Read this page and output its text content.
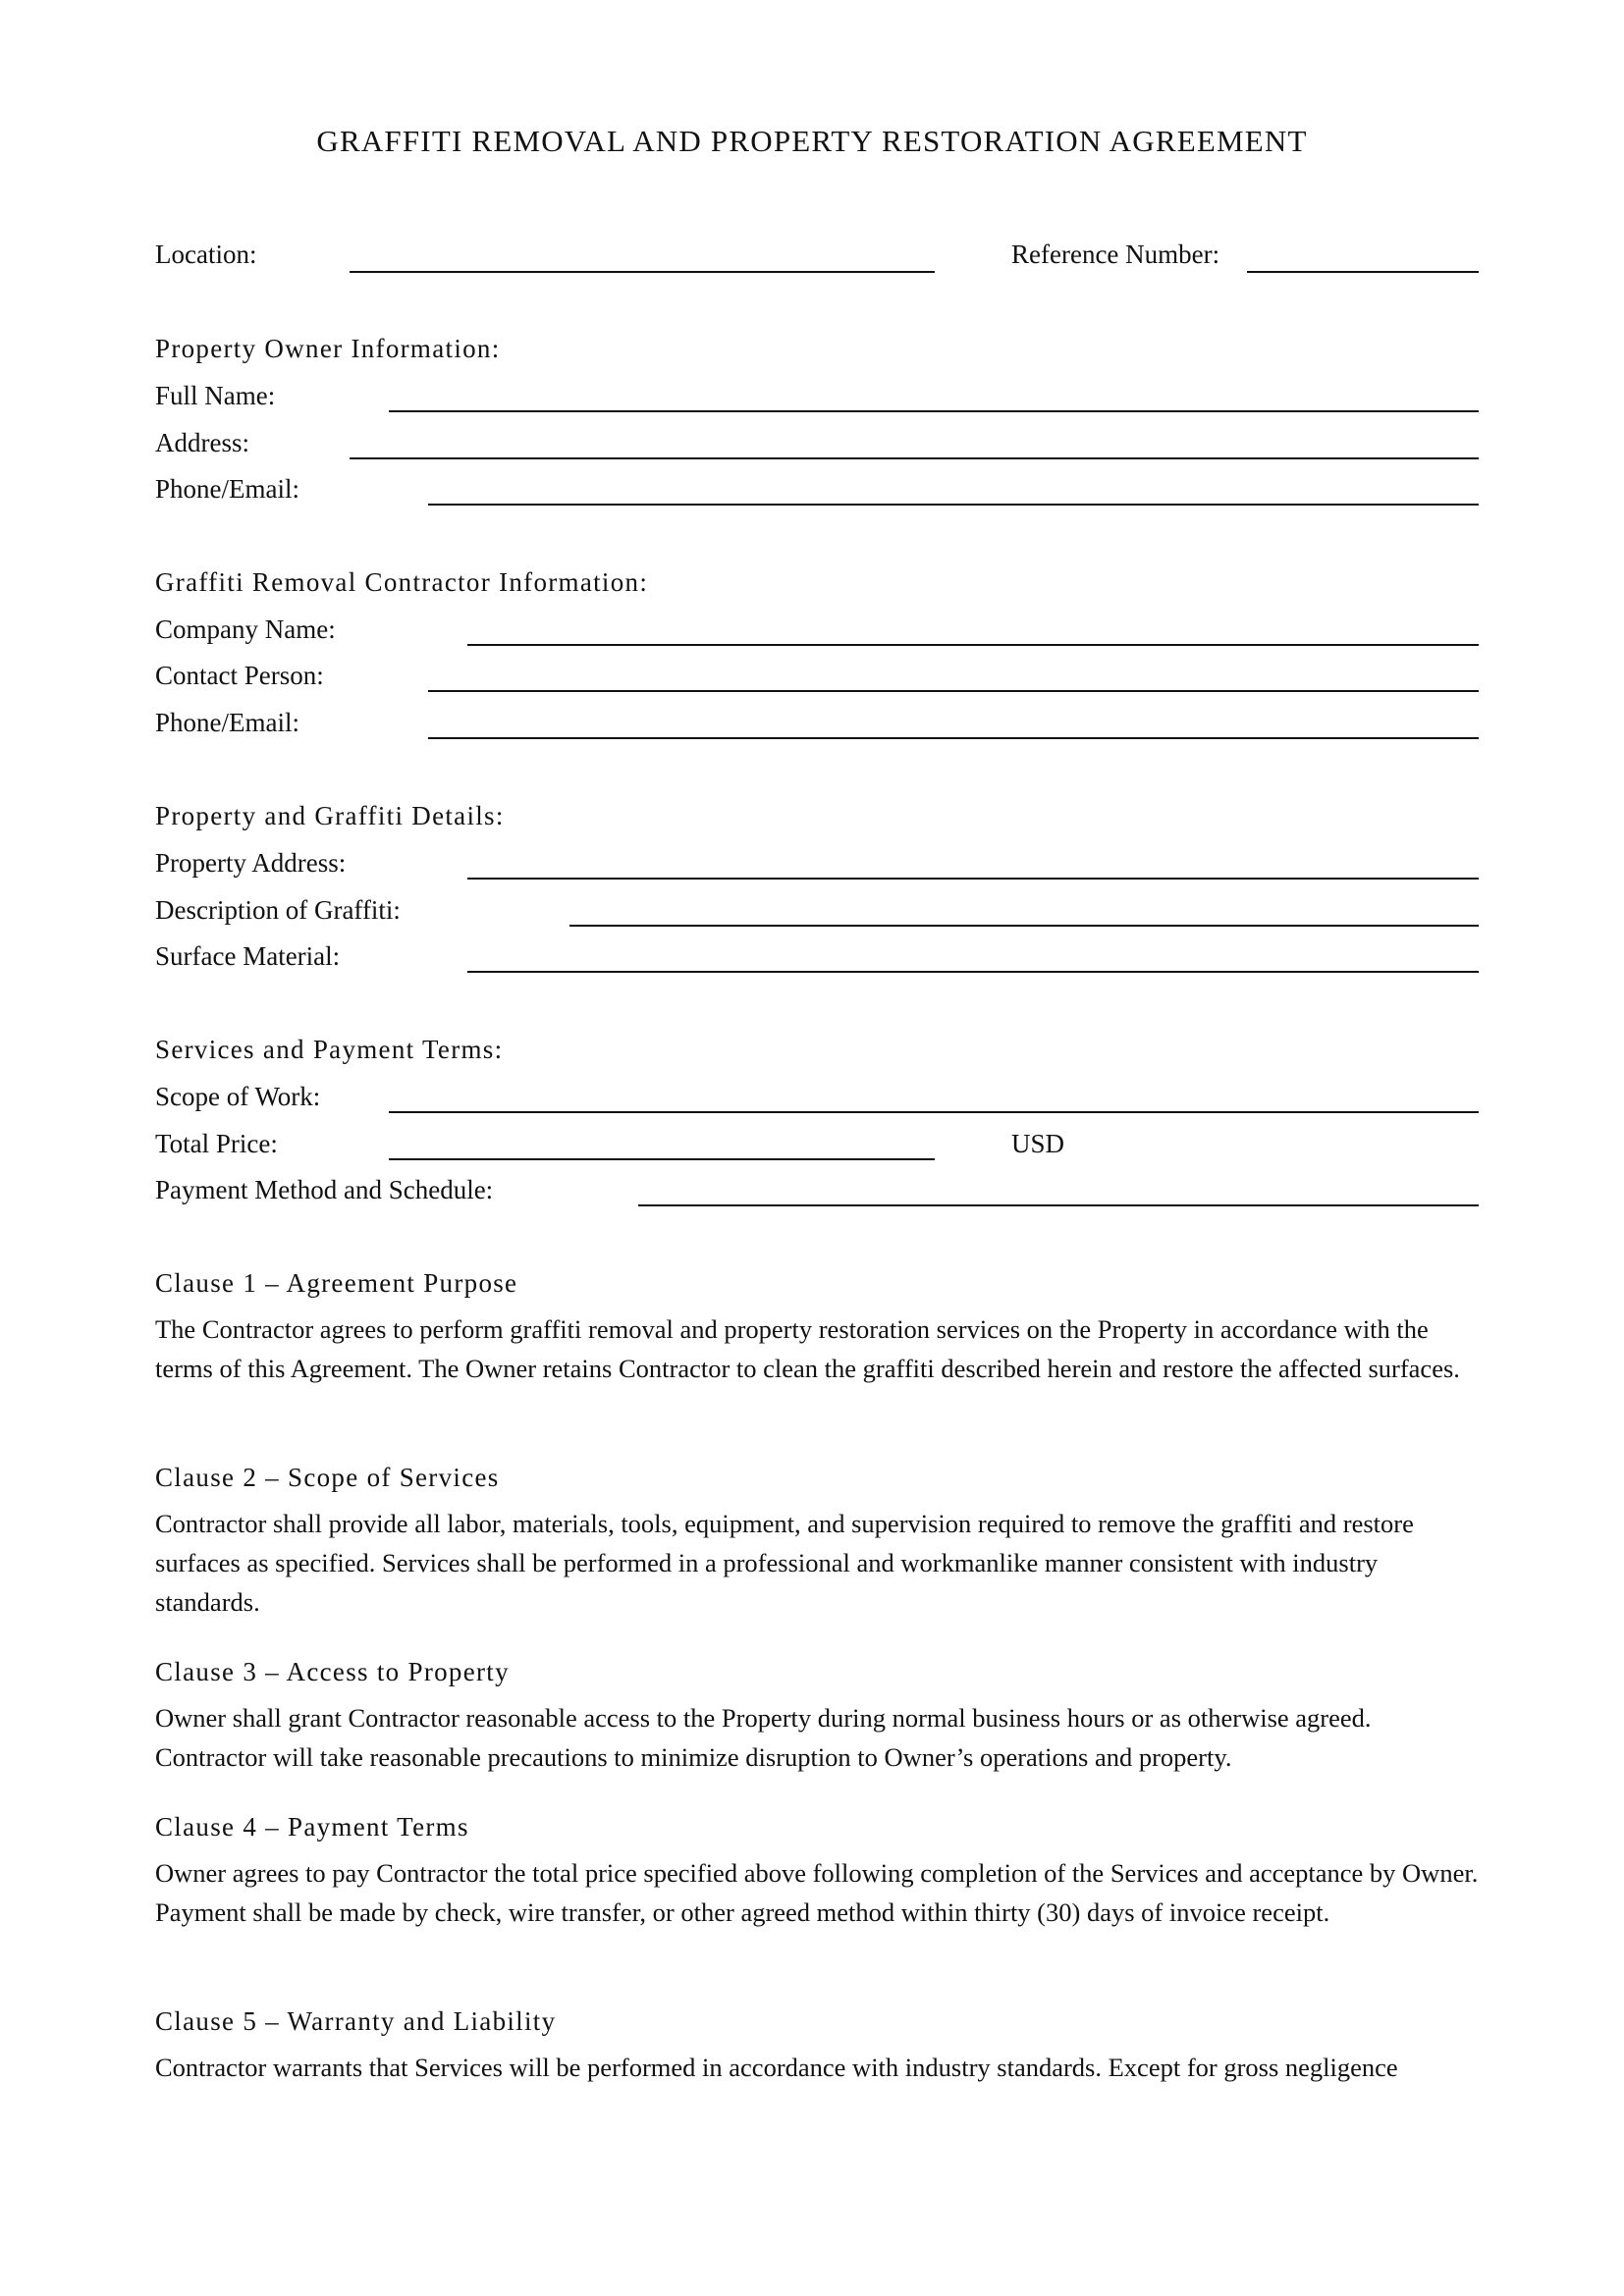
GRAFFITI REMOVAL AND PROPERTY RESTORATION AGREEMENT
Location:	Reference Number:
Property Owner Information:
Full Name:
Address:
Phone/Email:
Graffiti Removal Contractor Information:
Company Name:
Contact Person:
Phone/Email:
Property and Graffiti Details:
Property Address:
Description of Graffiti:
Surface Material:
Services and Payment Terms:
Scope of Work:
Total Price:	USD
Payment Method and Schedule:
Clause 1 – Agreement Purpose

The Contractor agrees to perform graffiti removal and property restoration services on the Property in accordance with the terms of this Agreement. The Owner retains Contractor to clean the graffiti described herein and restore the affected surfaces.

Clause 2 – Scope of Services

Contractor shall provide all labor, materials, tools, equipment, and supervision required to remove the graffiti and restore surfaces as specified. Services shall be performed in a professional and workmanlike manner consistent with industry standards.

Clause 3 – Access to Property

Owner shall grant Contractor reasonable access to the Property during normal business hours or as otherwise agreed. Contractor will take reasonable precautions to minimize disruption to Owner’s operations and property.

Clause 4 – Payment Terms

Owner agrees to pay Contractor the total price specified above following completion of the Services and acceptance by Owner. Payment shall be made by check, wire transfer, or other agreed method within thirty (30) days of invoice receipt.

Clause 5 – Warranty and Liability

Contractor warrants that Services will be performed in accordance with industry standards. Except for gross negligence
